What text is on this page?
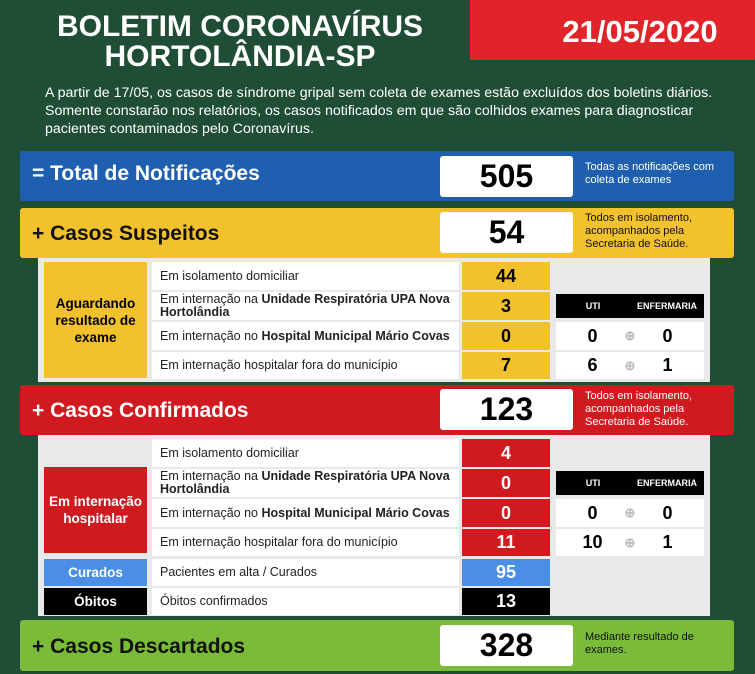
BOLETIM CORONAVÍRUS
HORTOLÂNDIA-SP
21/05/2020
A partir de 17/05, os casos de síndrome gripal sem coleta de exames estão excluídos dos boletins diários. Somente constarão nos relatórios, os casos notificados em que são colhidos exames para diagnosticar pacientes contaminados pelo Coronavírus.
= Total de Notificações	505	Todas as notificações com coleta de exames
+ Casos Suspeitos	54	Todos em isolamento, acompanhados pela Secretaria de Saúde.
Aguardando resultado de exame
Em isolamento domiciliar	44
Em internação na Unidade Respiratória UPA Nova Hortolândia	3
Em internação no
Hospital Municipal Mário Covas	0
Em internação hospitalar fora do município	7
UTI	ENFERMARIA
0	⊕	0
6	⊕	1
+ Casos Confirmados	123	Todos em isolamento, acompanhados pela Secretaria de Saúde.
Em internação hospitalar
Em isolamento domiciliar	4
Em internação na Unidade Respiratória UPA Nova Hortolândia	0
Em internação no
Hospital Municipal Mário Covas	0
Em internação hospitalar fora do município	11
UTI	ENFERMARIA
0	⊕	0
10	⊕	1
Curados	Pacientes em alta / Curados	95
Óbitos	Óbitos confirmados	13
+ Casos Descartados	328	Mediante resultado de exames.
